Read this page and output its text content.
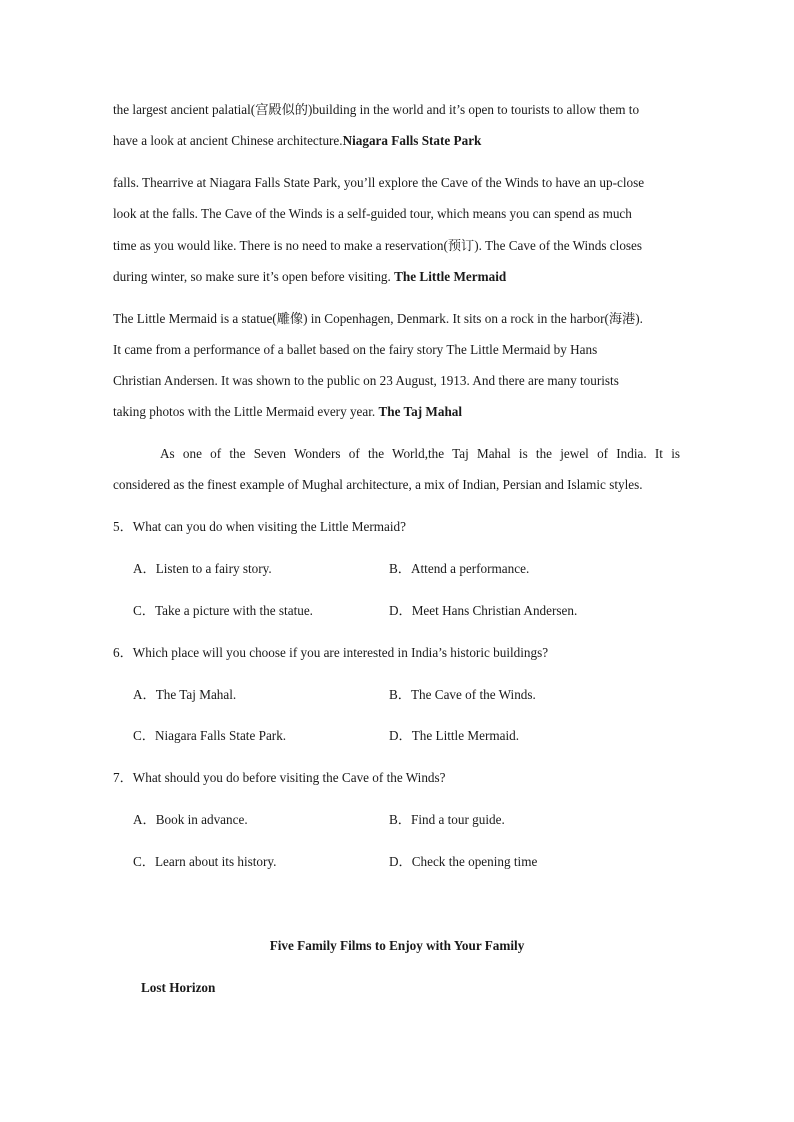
the largest ancient palatial(宫殿似的)building in the world and it’s open to tourists to allow them to
have a look at ancient Chinese architecture.Niagara Falls State Park
falls. Thearrive at Niagara Falls State Park, you’ll explore the Cave of the Winds to have an up-close
look at the falls. The Cave of the Winds is a self-guided tour, which means you can spend as much
time as you would like. There is no need to make a reservation(预订). The Cave of the Winds closes
during winter, so make sure it’s open before visiting. The Little Mermaid
The Little Mermaid is a statue(雕像) in Copenhagen, Denmark. It sits on a rock in the harbor(海港).
It came from a performance of a ballet based on the fairy story The Little Mermaid by Hans
Christian Andersen. It was shown to the public on 23 August, 1913. And there are many tourists
taking photos with the Little Mermaid every year. The Taj Mahal
As one of the Seven Wonders of the World,the Taj Mahal is the jewel of India. It is
considered as the finest example of Mughal architecture, a mix of Indian, Persian and Islamic styles.
5．What can you do when visiting the Little Mermaid?
A．Listen to a fairy story.	B．Attend a performance.
C．Take a picture with the statue.	D．Meet Hans Christian Andersen.
6．Which place will you choose if you are interested in India’s historic buildings?
A．The Taj Mahal.	B．The Cave of the Winds.
C．Niagara Falls State Park.	D．The Little Mermaid.
7．What should you do before visiting the Cave of the Winds?
A．Book in advance.	B．Find a tour guide.
C．Learn about its history.	D．Check the opening time
Five Family Films to Enjoy with Your Family
Lost Horizon
